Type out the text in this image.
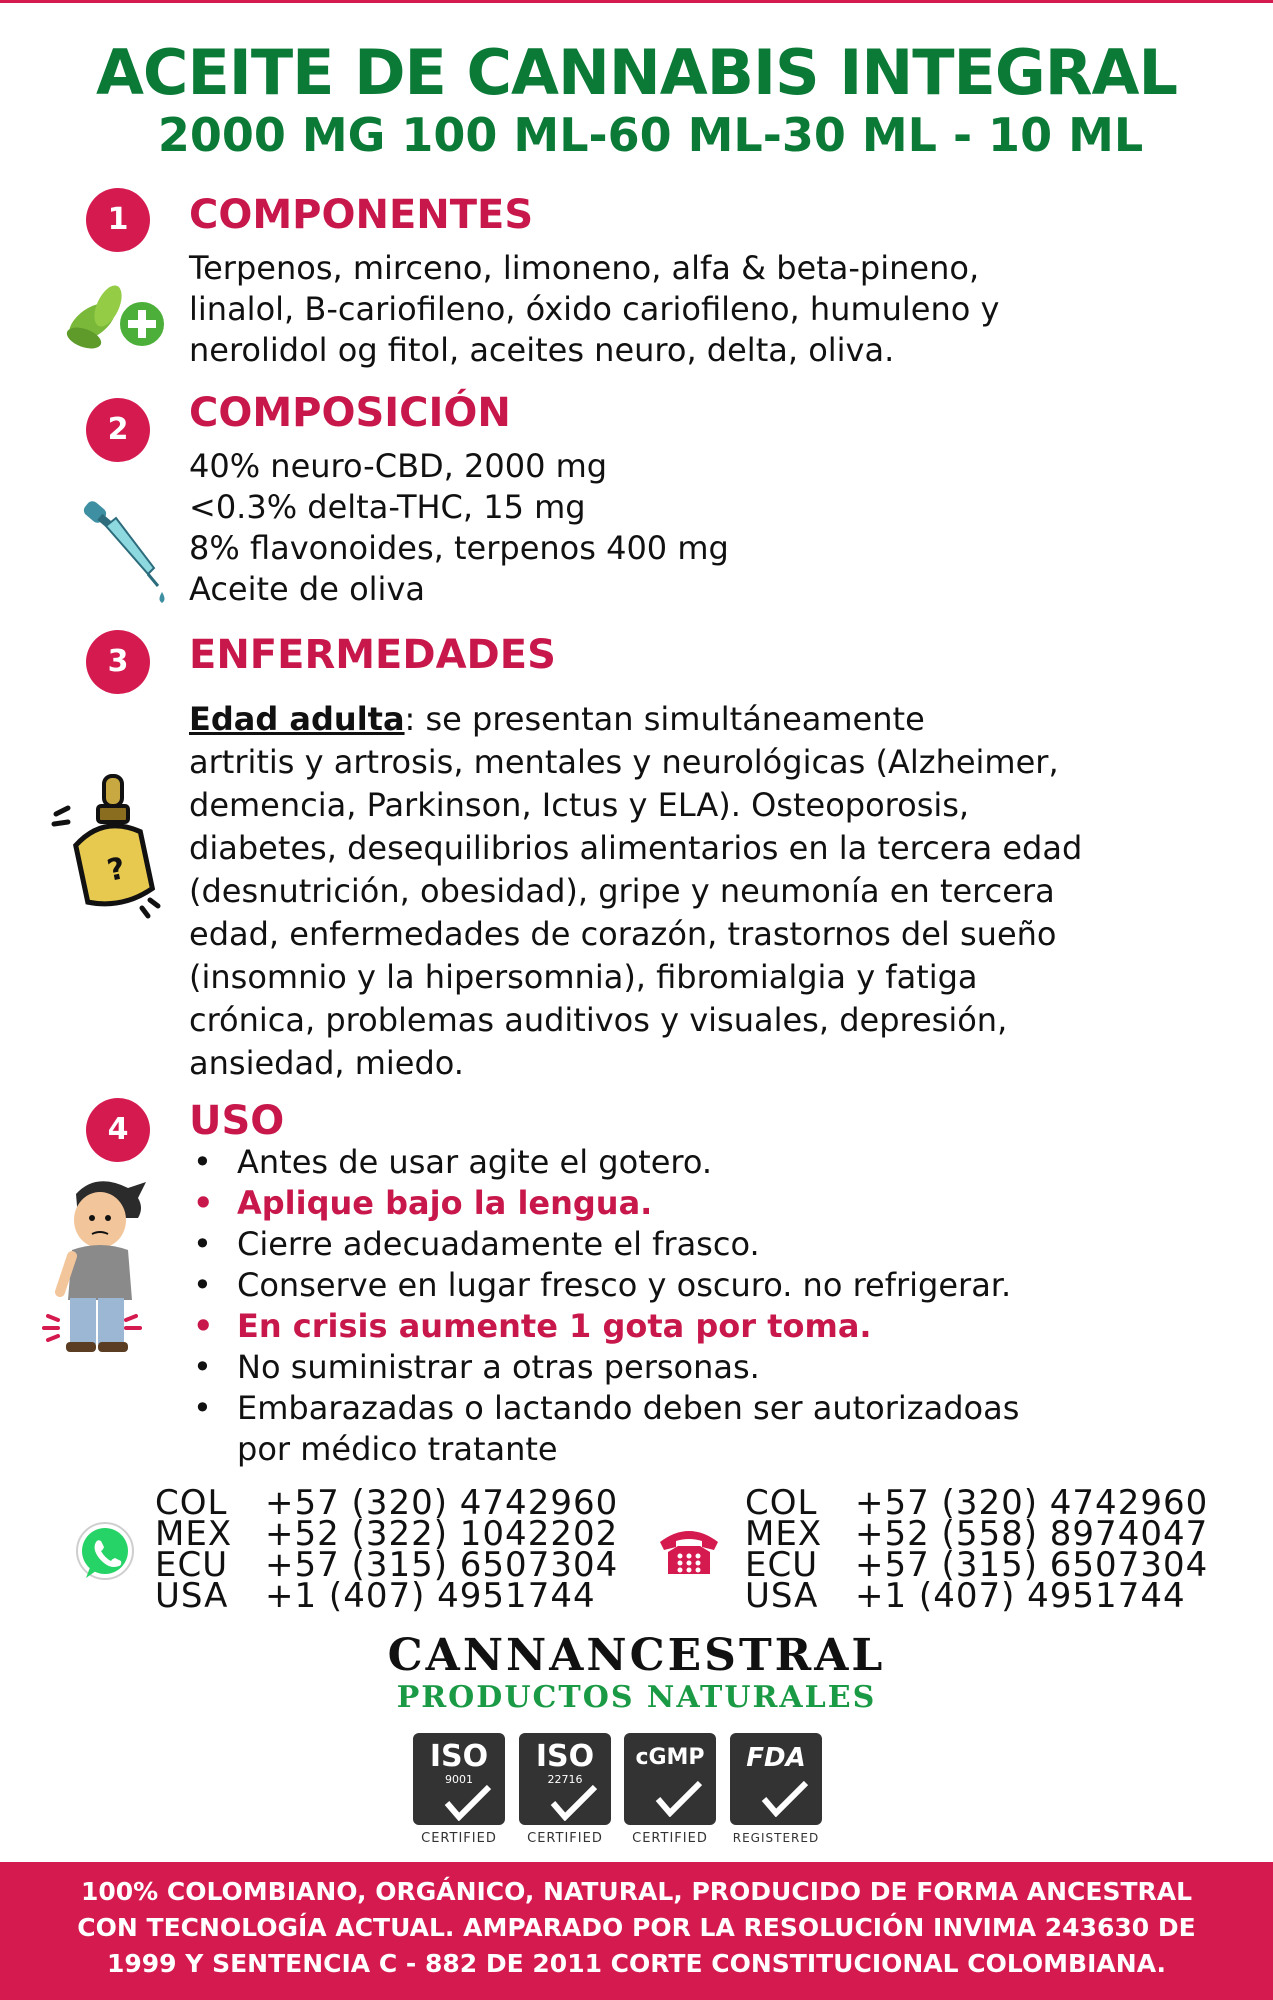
ACEITE DE CANNABIS INTEGRAL
2000 MG 100 ML-60 ML-30 ML - 10 ML
1	COMPONENTES
Terpenos, mirceno, limoneno, alfa & beta-pineno,
linalol, B-cariofileno, óxido cariofileno, humuleno y
nerolidol og fitol, aceites neuro, delta, oliva.
2	COMPOSICIÓN
40% neuro-CBD, 2000 mg
<0.3% delta-THC, 15 mg
8% flavonoides, terpenos 400 mg
Aceite de oliva
3	ENFERMEDADES
?
Edad adulta: se presentan simultáneamente
artritis y artrosis, mentales y neurológicas (Alzheimer,
demencia, Parkinson, Ictus y ELA). Osteoporosis,
diabetes, desequilibrios alimentarios en la tercera edad
(desnutrición, obesidad), gripe y neumonía en tercera
edad, enfermedades de corazón, trastornos del sueño
(insomnio y la hipersomnia), fibromialgia y fatiga
crónica, problemas auditivos y visuales, depresión,
ansiedad, miedo.
4	USO
• Antes de usar agite el gotero.
• Aplique bajo la lengua.
• Cierre adecuadamente el frasco.
• Conserve en lugar fresco y oscuro. no refrigerar.
• En crisis aumente 1 gota por toma.
• No suministrar a otras personas.
• Embarazadas o lactando deben ser autorizadoas
por médico tratante
COL	+57 (320) 4742960
MEX +52 (322) 1042202
ECU	+57 (315) 6507304
USA	+1 (407) 4951744
COL	+57 (320) 4742960
MEX +52 (558) 8974047
ECU	+57 (315) 6507304
USA	+1 (407) 4951744
CANNANCESTRAL
PRODUCTOS NATURALES
ISO
9001
CERTIFIED
ISO
22716
CERTIFIED
cGMP
CERTIFIED
FDA
REGISTERED
100% COLOMBIANO, ORGÁNICO, NATURAL, PRODUCIDO DE FORMA ANCESTRAL
CON TECNOLOGÍA ACTUAL. AMPARADO POR LA RESOLUCIÓN INVIMA 243630 DE
1999 Y SENTENCIA C - 882 DE 2011 CORTE CONSTITUCIONAL COLOMBIANA.
